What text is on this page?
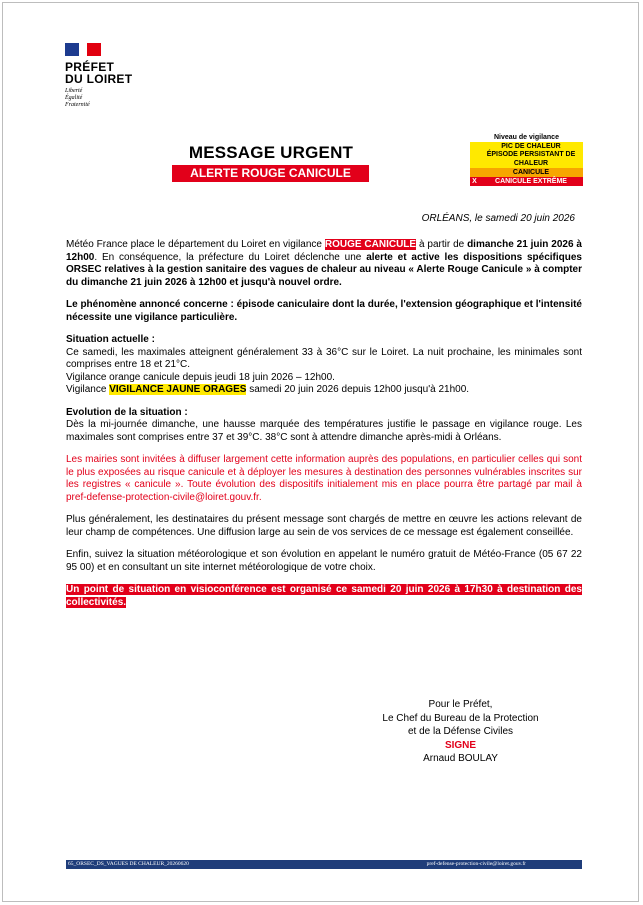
PRÉFET
DU LOIRET
Liberté
Égalité
Fraternité
MESSAGE URGENT
ALERTE ROUGE CANICULE
Niveau de vigilance
PIC DE CHALEUR
ÉPISODE PERSISTANT DE CHALEUR
CANICULE
X	CANICULE EXTRÊME
ORLÉANS, le samedi 20 juin 2026

Météo France place le département du Loiret en vigilance ROUGE CANICULE à partir de dimanche 21 juin 2026 à 12h00. En conséquence, la préfecture du Loiret déclenche une alerte et active les dispositions spécifiques ORSEC relatives à la gestion sanitaire des vagues de chaleur au niveau « Alerte Rouge Canicule » à compter du dimanche 21 juin 2026 à 12h00 et jusqu'à nouvel ordre.

Le phénomène annoncé concerne : épisode caniculaire dont la durée, l'extension géographique et l'intensité nécessite une vigilance particulière.

Situation actuelle :
Ce samedi, les maximales atteignent généralement 33 à 36°C sur le Loiret. La nuit prochaine, les minimales sont comprises entre 18 et 21°C.
Vigilance orange canicule depuis jeudi 18 juin 2026 – 12h00.
Vigilance VIGILANCE JAUNE ORAGES samedi 20 juin 2026 depuis 12h00 jusqu'à 21h00.

Evolution de la situation :
Dès la mi-journée dimanche, une hausse marquée des températures justifie le passage en vigilance rouge. Les maximales sont comprises entre 37 et 39°C. 38°C sont à attendre dimanche après-midi à Orléans.

Les mairies sont invitées à diffuser largement cette information auprès des populations, en particulier celles qui sont le plus exposées au risque canicule et à déployer les mesures à destination des personnes vulnérables inscrites sur les registres « canicule ». Toute évolution des dispositifs initialement mis en place pourra être partagé par mail à pref-defense-protection-civile@loiret.gouv.fr.

Plus généralement, les destinataires du présent message sont chargés de mettre en œuvre les actions relevant de leur champ de compétences. Une diffusion large au sein de vos services de ce message est également conseillée.

Enfin, suivez la situation météorologique et son évolution en appelant le numéro gratuit de Météo-France (05 67 22 95 00) et en consultant un site internet météorologique de votre choix.

Un point de situation en visioconférence est organisé ce samedi 20 juin 2026 à 17h30 à destination des collectivités.

Pour le Préfet,
Le Chef du Bureau de la Protection
et de la Défense Civiles
SIGNE
Arnaud BOULAY
65_ORSEC_DS_VAGUES DE CHALEUR_20260620	pref-defense-protection-civile@loiret.gouv.fr
